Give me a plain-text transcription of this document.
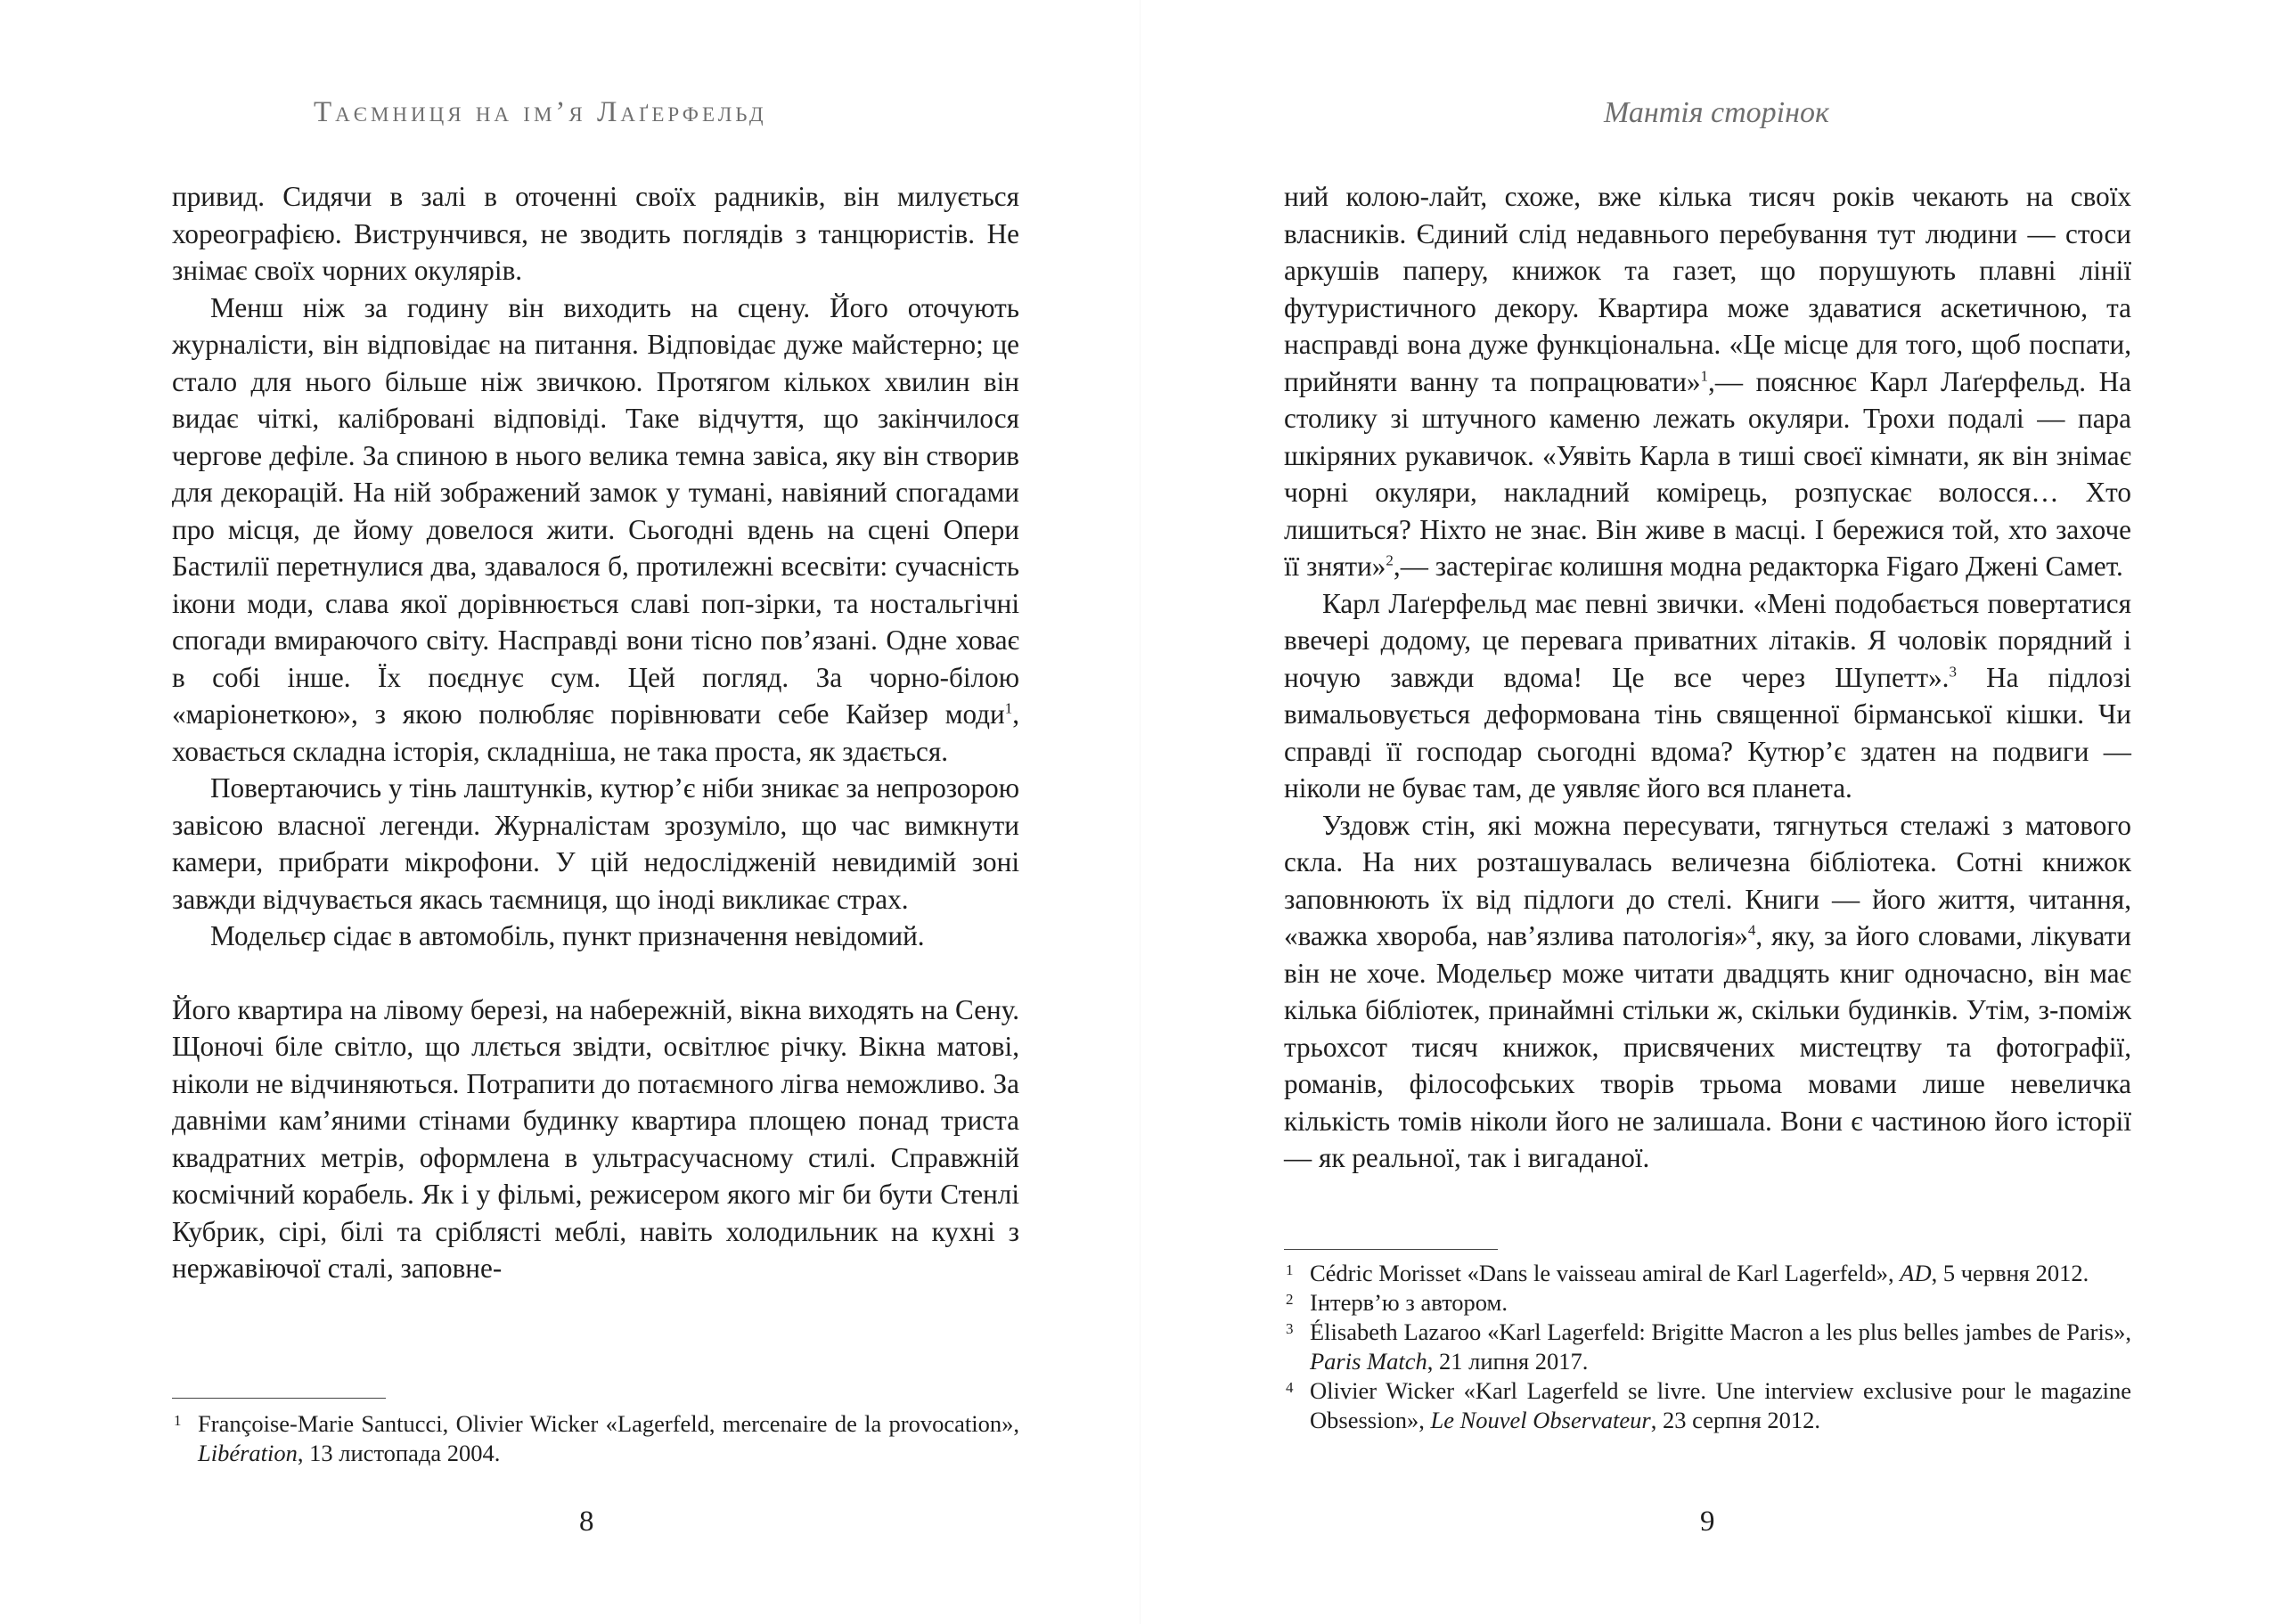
Таємниця на ім’я Лаґерфельд

привид. Сидячи в залі в оточенні своїх радників, він милується хореографією. Виструнчився, не зводить поглядів з танцюристів. Не знімає своїх чорних окулярів.

Менш ніж за годину він виходить на сцену. Його оточують журналісти, він відповідає на питання. Відповідає дуже майстерно; це стало для нього більше ніж звичкою. Протягом кількох хвилин він видає чіткі, калібровані відповіді. Таке відчуття, що закінчилося чергове дефіле. За спиною в нього велика темна завіса, яку він створив для декорацій. На ній зображений замок у тумані, навіяний спогадами про місця, де йому довелося жити. Сьогодні вдень на сцені Опери Бастилії перетнулися два, здавалося б, протилежні всесвіти: сучасність ікони моди, слава якої дорівнюється славі поп-зірки, та ностальгічні спогади вмираючого світу. Насправді вони тісно пов’язані. Одне ховає в собі інше. Їх поєднує сум. Цей погляд. За чорно-білою «маріонеткою», з якою полюбляє порівнювати себе Кайзер моди$^1$, ховається складна історія, складніша, не така проста, як здається.

Повертаючись у тінь лаштунків, кутюр’є ніби зникає за непрозорою завісою власної легенди. Журналістам зрозуміло, що час вимкнути камери, прибрати мікрофони. У цій недослідженій невидимій зоні завжди відчувається якась таємниця, що іноді викликає страх.

Модельєр сідає в автомобіль, пункт призначення невідомий.

Його квартира на лівому березі, на набережній, вікна виходять на Сену. Щоночі біле світло, що ллється звідти, освітлює річку. Вікна матові, ніколи не відчиняються. Потрапити до потаємного лігва неможливо. За давніми кам’яними стінами будинку квартира площею понад триста квадратних метрів, оформлена в ультрасучасному стилі. Справжній космічний корабель. Як і у фільмі, режисером якого міг би бути Стенлі Кубрик, сірі, білі та сріблясті меблі, навіть холодильник на кухні з нержавіючої сталі, заповне-

1 Françoise-Marie Santucci, Olivier Wicker «Lagerfeld, mercenaire de la provocation», Libération, 13 листопада 2004.

8
Мантія сторінок

ний колою-лайт, схоже, вже кілька тисяч років чекають на своїх власників. Єдиний слід недавнього перебування тут людини — стоси аркушів паперу, книжок та газет, що порушують плавні лінії футуристичного декору. Квартира може здаватися аскетичною, та насправді вона дуже функціональна. «Це місце для того, щоб поспати, прийняти ванну та попрацювати»$^1$,— пояснює Карл Лаґерфельд. На столику зі штучного каменю лежать окуляри. Трохи подалі — пара шкіряних рукавичок. «Уявіть Карла в тиші своєї кімнати, як він знімає чорні окуляри, накладний комірець, розпускає волосся… Хто лишиться? Ніхто не знає. Він живе в масці. І бережися той, хто захоче її зняти»$^2$,— застерігає колишня модна редакторка Figaro Джені Самет.

Карл Лаґерфельд має певні звички. «Мені подобається повертатися ввечері додому, це перевага приватних літаків. Я чоловік порядний і ночую завжди вдома! Це все через Шупетт».$^3$ На підлозі вимальовується деформована тінь священної бірманської кішки. Чи справді її господар сьогодні вдома? Кутюр’є здатен на подвиги — ніколи не буває там, де уявляє його вся планета.

Уздовж стін, які можна пересувати, тягнуться стелажі з матового скла. На них розташувалась величезна бібліотека. Сотні книжок заповнюють їх від підлоги до стелі. Книги — його життя, читання, «важка хвороба, нав’язлива патологія»$^4$, яку, за його словами, лікувати він не хоче. Модельєр може читати двадцять книг одночасно, він має кілька бібліотек, принаймні стільки ж, скільки будинків. Утім, з-поміж трьохсот тисяч книжок, присвячених мистецтву та фотографії, романів, філософських творів трьома мовами лише невеличка кількість томів ніколи його не залишала. Вони є частиною його історії — як реальної, так і вигаданої.

1 Cédric Morisset «Dans le vaisseau amiral de Karl Lagerfeld», AD, 5 червня 2012.

2 Інтерв’ю з автором.

3 Élisabeth Lazaroo «Karl Lagerfeld: Brigitte Macron a les plus belles jambes de Paris», Paris Match, 21 липня 2017.

4 Olivier Wicker «Karl Lagerfeld se livre. Une interview exclusive pour le magazine Obsession», Le Nouvel Observateur, 23 серпня 2012.

9
